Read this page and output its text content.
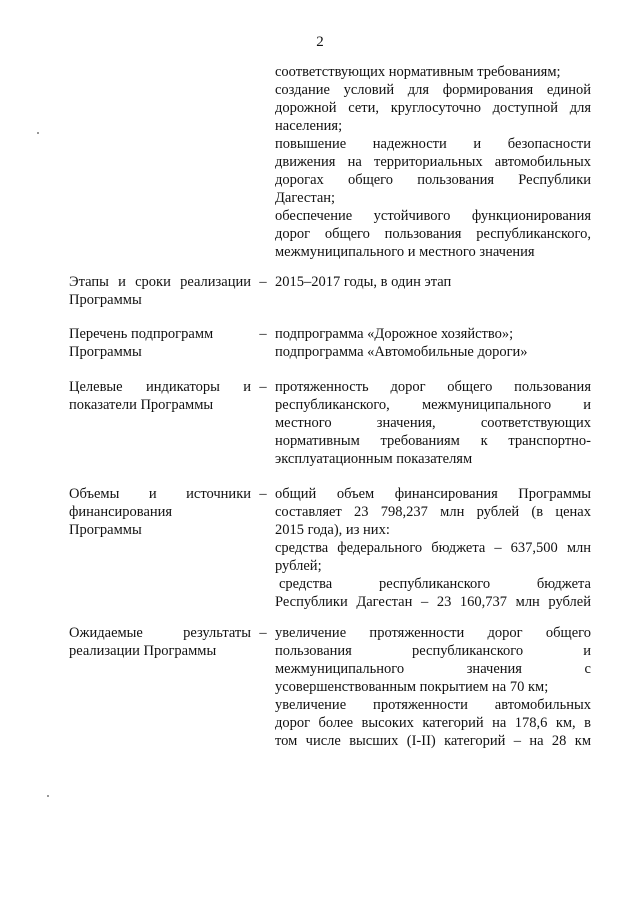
2
соответствующих нормативным требованиям;
создание условий для формирования единой
дорожной сети, круглосуточно доступной для
населения;
повышение надежности и безопасности
движения на территориальных автомобильных
дорогах общего пользования Республики
Дагестан;
обеспечение устойчивого функционирования
дорог общего пользования республиканского,
межмуниципального и местного значения
Этапы и сроки реализации
Программы
– 2015–2017 годы, в один этап
Перечень подпрограмм
Программы
– подпрограмма «Дорожное хозяйство»;
подпрограмма «Автомобильные дороги»
Целевые индикаторы и
показатели Программы
– протяженность дорог общего пользования
республиканского, межмуниципального и
местного значения, соответствующих
нормативным требованиям к транспортно-
эксплуатационным показателям
Объемы и источники
финансирования
Программы
– общий объем финансирования Программы
составляет 23 798,237 млн рублей (в ценах
2015 года), из них:
средства федерального бюджета – 637,500 млн
рублей;
средства республиканского бюджета
Республики Дагестан – 23 160,737 млн рублей
Ожидаемые результаты
реализации Программы
– увеличение протяженности дорог общего
пользования республиканского и
межмуниципального значения с
усовершенствованным покрытием на 70 км;
увеличение протяженности автомобильных
дорог более высоких категорий на 178,6 км, в
том числе высших (I-II) категорий – на 28 км
